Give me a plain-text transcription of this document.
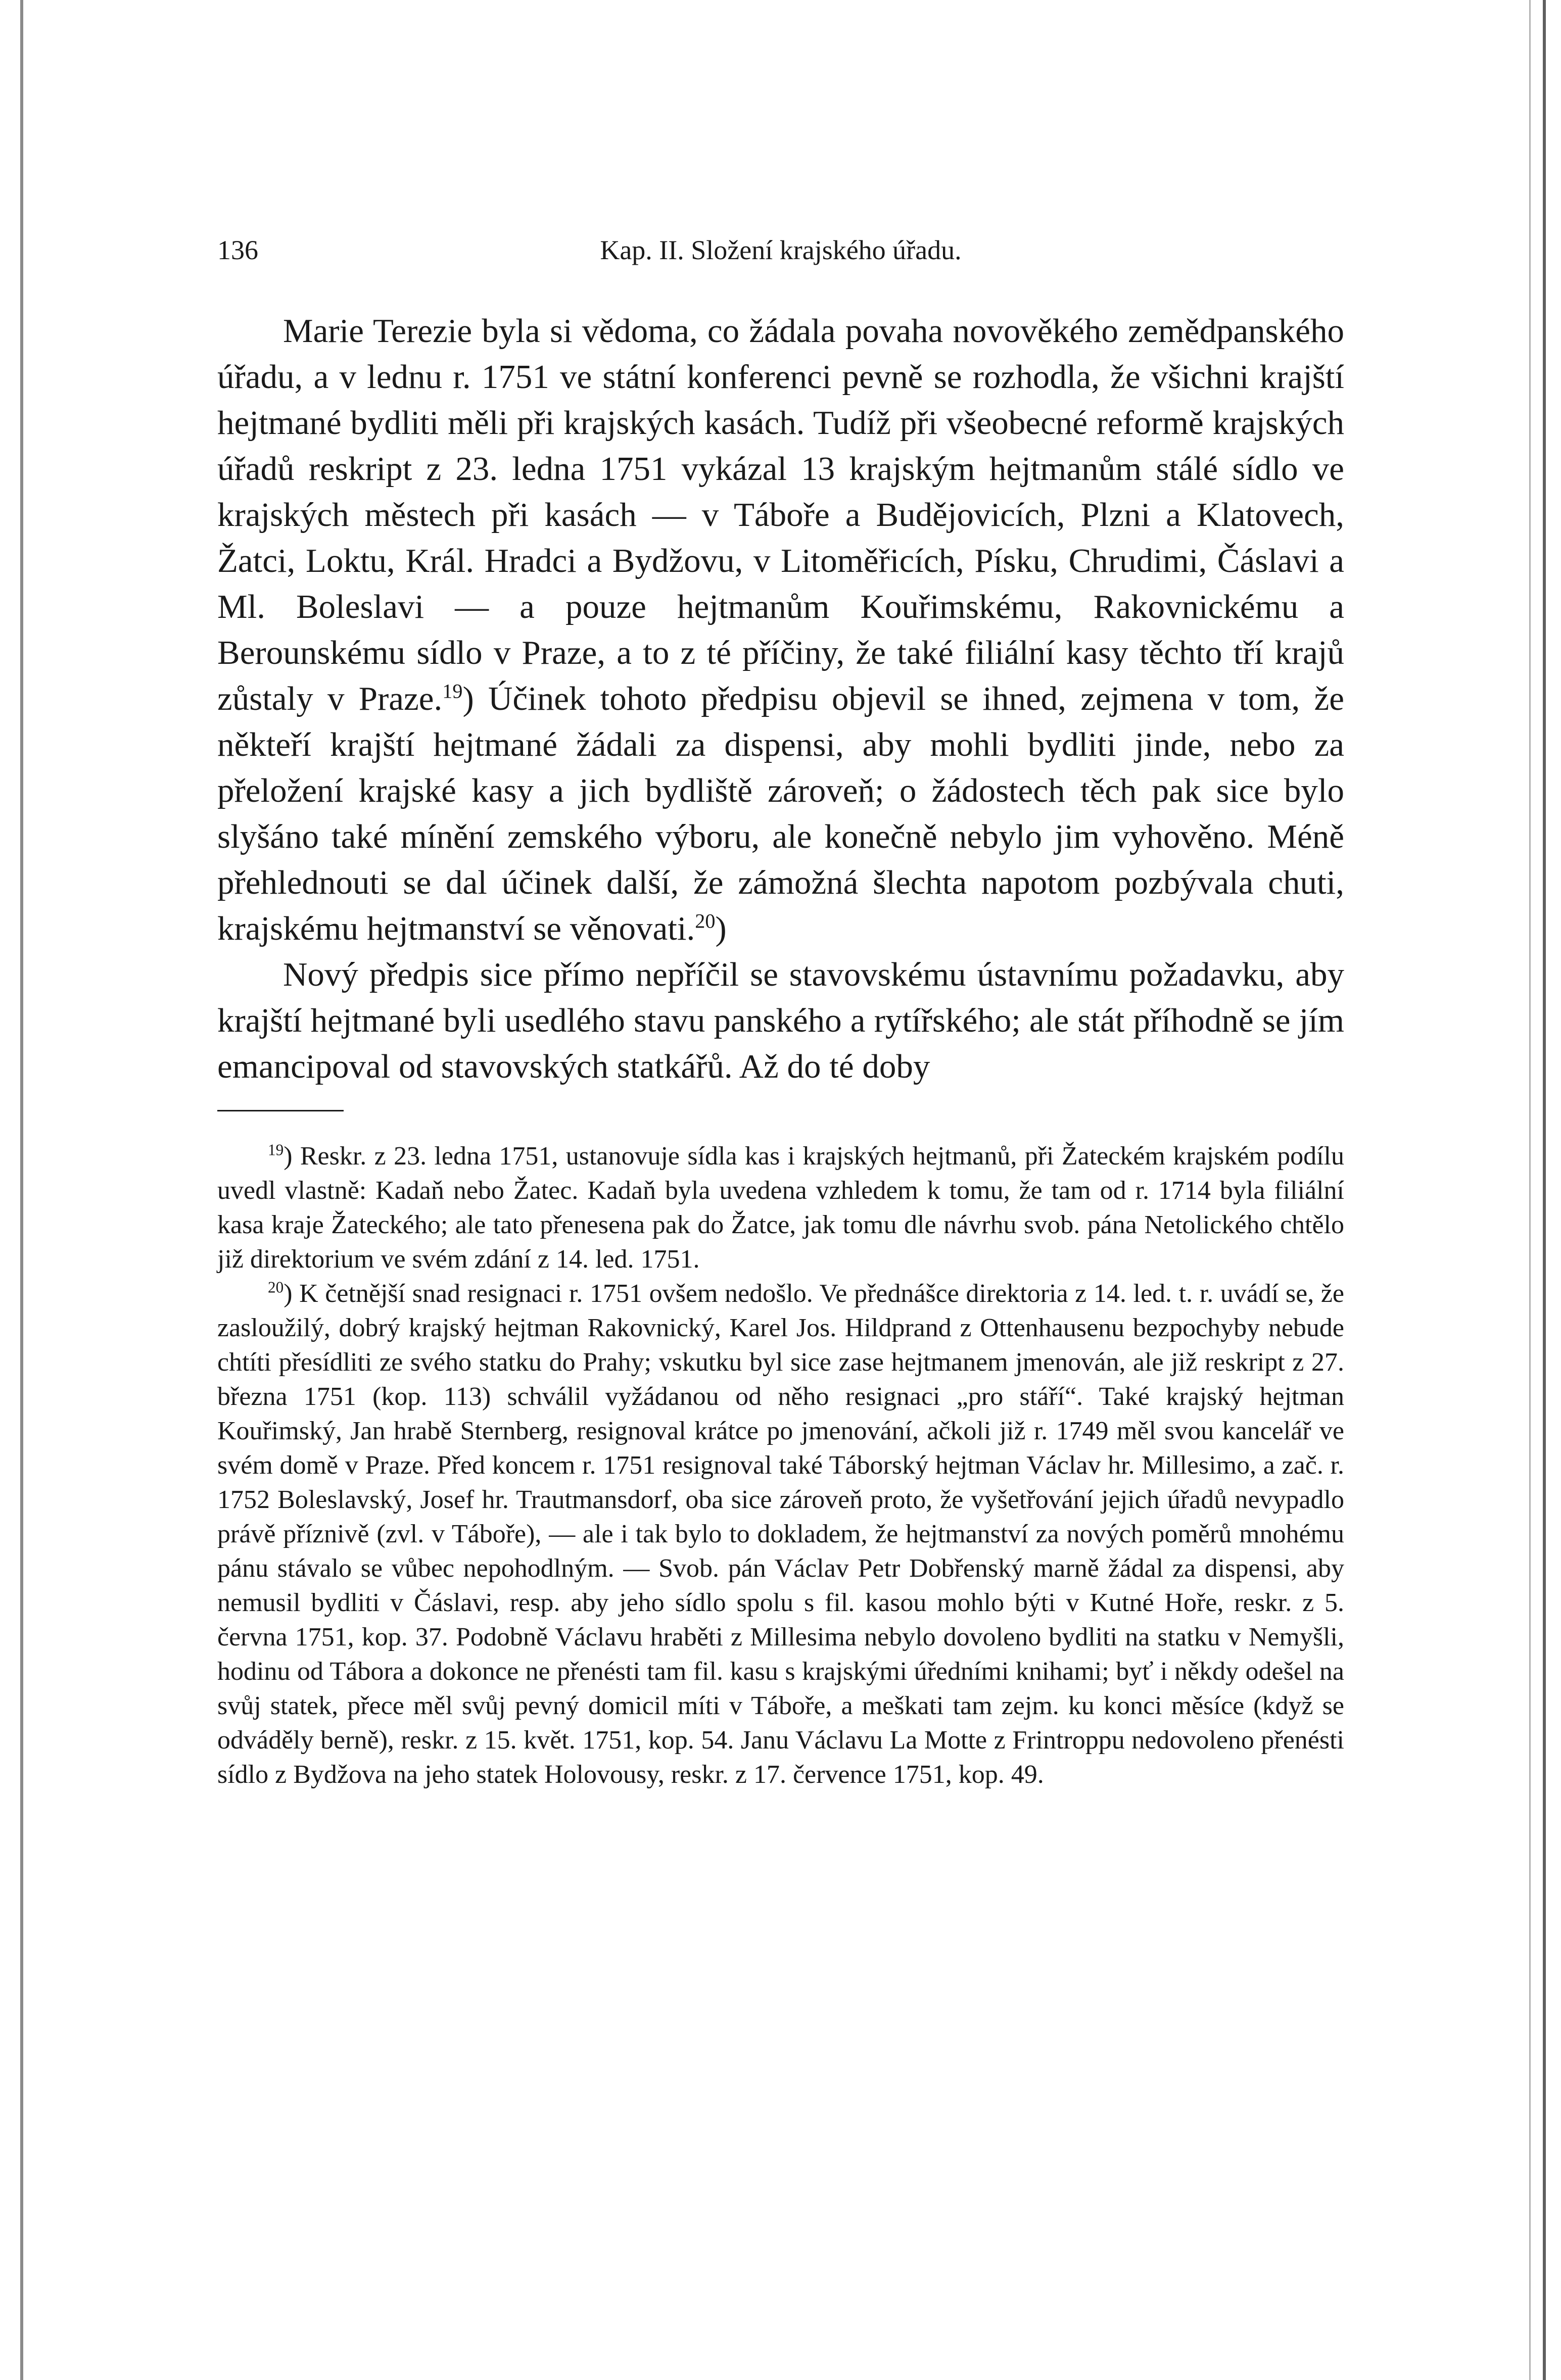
136	Kap. II. Složení krajského úřadu.

Marie Terezie byla si vědoma, co žádala povaha novověkého zemědpanského úřadu, a v lednu r. 1751 ve státní konferenci pevně se rozhodla, že všichni krajští hejtmané bydliti měli při krajských kasách. Tudíž při všeobecné reformě krajských úřadů reskript z 23. ledna 1751 vykázal 13 krajským hejtmanům stálé sídlo ve krajských městech při kasách — v Táboře a Budějovicích, Plzni a Klatovech, Žatci, Loktu, Král. Hradci a Bydžovu, v Litoměřicích, Písku, Chrudimi, Čáslavi a Ml. Boleslavi — a pouze hejtmanům Kouřimskému, Rakovnickému a Berounskému sídlo v Praze, a to z té příčiny, že také filiální kasy těchto tří krajů zůstaly v Praze.$^{19}$) Účinek tohoto předpisu objevil se ihned, zejmena v tom, že někteří krajští hejtmané žádali za dispensi, aby mohli bydliti jinde, nebo za přeložení krajské kasy a jich bydliště zároveň; o žádostech těch pak sice bylo slyšáno také mínění zemského výboru, ale konečně nebylo jim vyhověno. Méně přehlednouti se dal účinek další, že zámožná šlechta napotom pozbývala chuti, krajskému hejtmanství se věnovati.$^{20}$)

Nový předpis sice přímo nepříčil se stavovskému ústavnímu požadavku, aby krajští hejtmané byli usedlého stavu panského a rytířského; ale stát příhodně se jím emancipoval od stavovských statkářů. Až do té doby

$^{19}$) Reskr. z 23. ledna 1751, ustanovuje sídla kas i krajských hejtmanů, při Žateckém krajském podílu uvedl vlastně: Kadaň nebo Žatec. Kadaň byla uvedena vzhledem k tomu, že tam od r. 1714 byla filiální kasa kraje Žateckého; ale tato přenesena pak do Žatce, jak tomu dle návrhu svob. pána Netolického chtělo již direktorium ve svém zdání z 14. led. 1751.

$^{20}$) K četnější snad resignaci r. 1751 ovšem nedošlo. Ve přednášce direktoria z 14. led. t. r. uvádí se, že zasloužilý, dobrý krajský hejtman Rakovnický, Karel Jos. Hildprand z Ottenhausenu bezpochyby nebude chtíti přesídliti ze svého statku do Prahy; vskutku byl sice zase hejtmanem jmenován, ale již reskript z 27. března 1751 (kop. 113) schválil vyžádanou od něho resignaci „pro stáří“. Také krajský hejtman Kouřimský, Jan hrabě Sternberg, resignoval krátce po jmenování, ačkoli již r. 1749 měl svou kancelář ve svém domě v Praze. Před koncem r. 1751 resignoval také Táborský hejtman Václav hr. Millesimo, a zač. r. 1752 Boleslavský, Josef hr. Trautmansdorf, oba sice zároveň proto, že vyšetřování jejich úřadů nevypadlo právě příznivě (zvl. v Táboře), — ale i tak bylo to dokladem, že hejtmanství za nových poměrů mnohému pánu stávalo se vůbec nepohodlným. — Svob. pán Václav Petr Dobřenský marně žádal za dispensi, aby nemusil bydliti v Čáslavi, resp. aby jeho sídlo spolu s fil. kasou mohlo býti v Kutné Hoře, reskr. z 5. června 1751, kop. 37. Podobně Václavu hraběti z Millesima nebylo dovoleno bydliti na statku v Nemyšli, hodinu od Tábora a dokonce ne přenésti tam fil. kasu s krajskými úředními knihami; byť i někdy odešel na svůj statek, přece měl svůj pevný domicil míti v Táboře, a meškati tam zejm. ku konci měsíce (když se odváděly berně), reskr. z 15. květ. 1751, kop. 54. Janu Václavu La Motte z Frintroppu nedovoleno přenésti sídlo z Bydžova na jeho statek Holovousy, reskr. z 17. července 1751, kop. 49.
